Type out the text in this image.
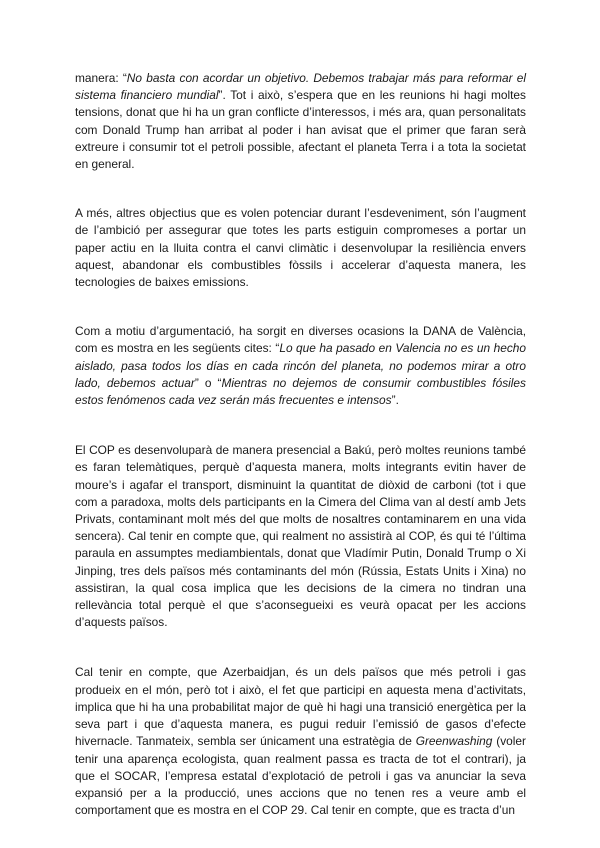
manera: “No basta con acordar un objetivo. Debemos trabajar más para reformar el sistema financiero mundial”. Tot i això, s’espera que en les reunions hi hagi moltes tensions, donat que hi ha un gran conflicte d’interessos, i més ara, quan personalitats com Donald Trump han arribat al poder i han avisat que el primer que faran serà extreure i consumir tot el petroli possible, afectant el planeta Terra i a tota la societat en general.

A més, altres objectius que es volen potenciar durant l’esdeveniment, són l’augment de l’ambició per assegurar que totes les parts estiguin compromeses a portar un paper actiu en la lluita contra el canvi climàtic i desenvolupar la resiliència envers aquest, abandonar els combustibles fòssils i accelerar d’aquesta manera, les tecnologies de baixes emissions.

Com a motiu d’argumentació, ha sorgit en diverses ocasions la DANA de València, com es mostra en les següents cites: “Lo que ha pasado en Valencia no es un hecho aislado, pasa todos los días en cada rincón del planeta, no podemos mirar a otro lado, debemos actuar” o “Mientras no dejemos de consumir combustibles fósiles estos fenómenos cada vez serán más frecuentes e intensos”.

El COP es desenvoluparà de manera presencial a Bakú, però moltes reunions també es faran telemàtiques, perquè d’aquesta manera, molts integrants evitin haver de moure’s i agafar el transport, disminuint la quantitat de diòxid de carboni (tot i que com a paradoxa, molts dels participants en la Cimera del Clima van al destí amb Jets Privats, contaminant molt més del que molts de nosaltres contaminarem en una vida sencera). Cal tenir en compte que, qui realment no assistirà al COP, és qui té l’última paraula en assumptes mediambientals, donat que Vladímir Putin, Donald Trump o Xi Jinping, tres dels països més contaminants del món (Rússia, Estats Units i Xina) no assistiran, la qual cosa implica que les decisions de la cimera no tindran una rellevància total perquè el que s’aconsegueixi es veurà opacat per les accions d’aquests països.

Cal tenir en compte, que Azerbaidjan, és un dels països que més petroli i gas produeix en el món, però tot i això, el fet que participi en aquesta mena d’activitats, implica que hi ha una probabilitat major de què hi hagi una transició energètica per la seva part i que d’aquesta manera, es pugui reduir l’emissió de gasos d’efecte hivernacle. Tanmateix, sembla ser únicament una estratègia de Greenwashing (voler tenir una aparença ecologista, quan realment passa es tracta de tot el contrari), ja que el SOCAR, l’empresa estatal d’explotació de petroli i gas va anunciar la seva expansió per a la producció, unes accions que no tenen res a veure amb el comportament que es mostra en el COP 29. Cal tenir en compte, que es tracta d’un
